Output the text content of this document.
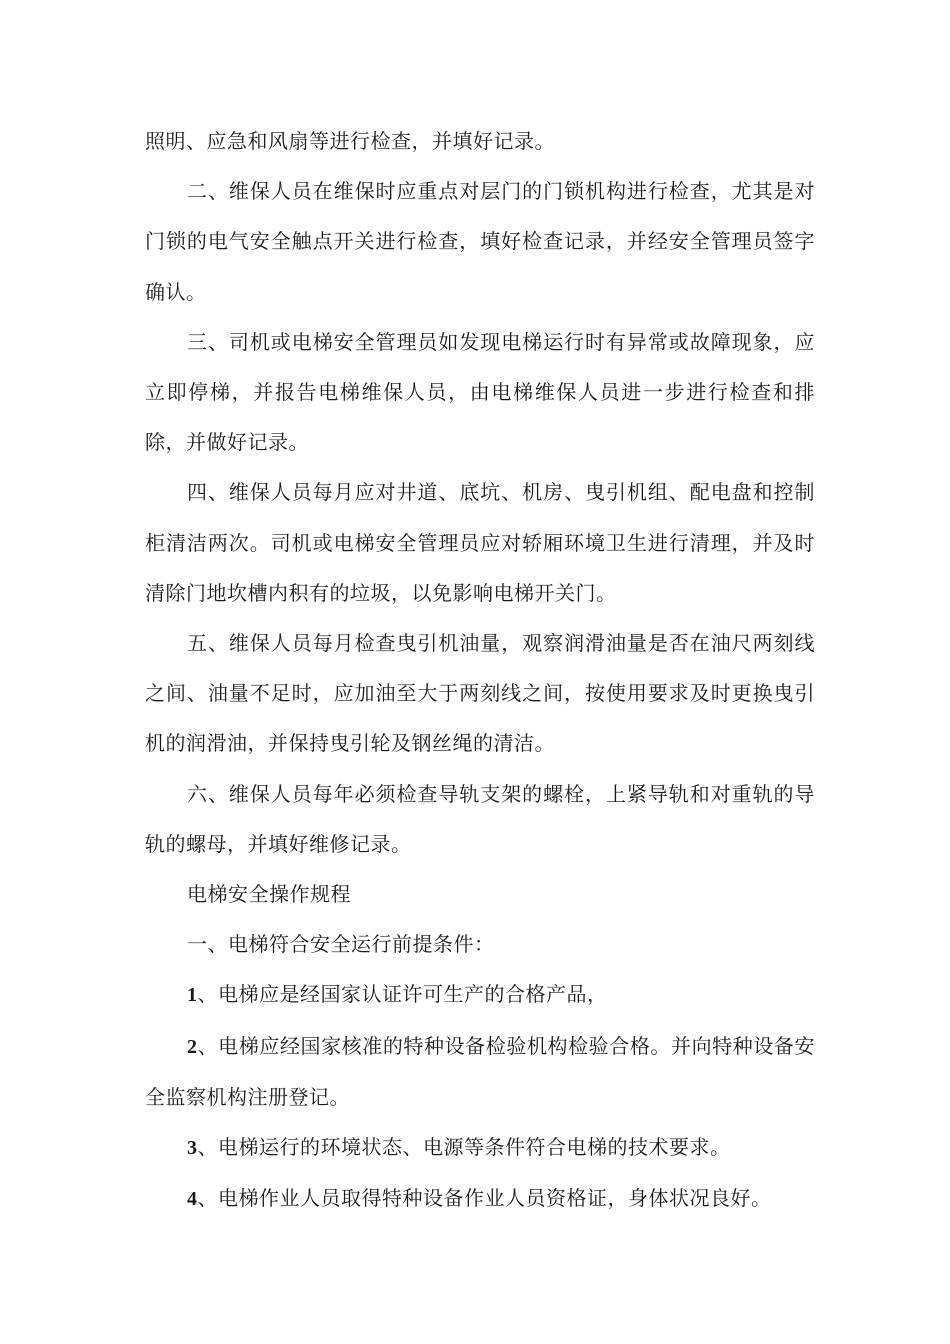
照明、应急和风扇等进行检查，并填好记录。

二、维保人员在维保时应重点对层门的门锁机构进行检查，尤其是对门锁的电气安全触点开关进行检查，填好检查记录，并经安全管理员签字确认。

三、司机或电梯安全管理员如发现电梯运行时有异常或故障现象，应立即停梯，并报告电梯维保人员，由电梯维保人员进一步进行检查和排除，并做好记录。

四、维保人员每月应对井道、底坑、机房、曳引机组、配电盘和控制柜清洁两次。司机或电梯安全管理员应对轿厢环境卫生进行清理，并及时清除门地坎槽内积有的垃圾，以免影响电梯开关门。

五、维保人员每月检查曳引机油量，观察润滑油量是否在油尺两刻线之间、油量不足时，应加油至大于两刻线之间，按使用要求及时更换曳引机的润滑油，并保持曳引轮及钢丝绳的清洁。

六、维保人员每年必须检查导轨支架的螺栓，上紧导轨和对重轨的导轨的螺母，并填好维修记录。

电梯安全操作规程

一、电梯符合安全运行前提条件：

1、电梯应是经国家认证许可生产的合格产品，

2、电梯应经国家核准的特种设备检验机构检验合格。并向特种设备安全监察机构注册登记。

3、电梯运行的环境状态、电源等条件符合电梯的技术要求。

4、电梯作业人员取得特种设备作业人员资格证，身体状况良好。
